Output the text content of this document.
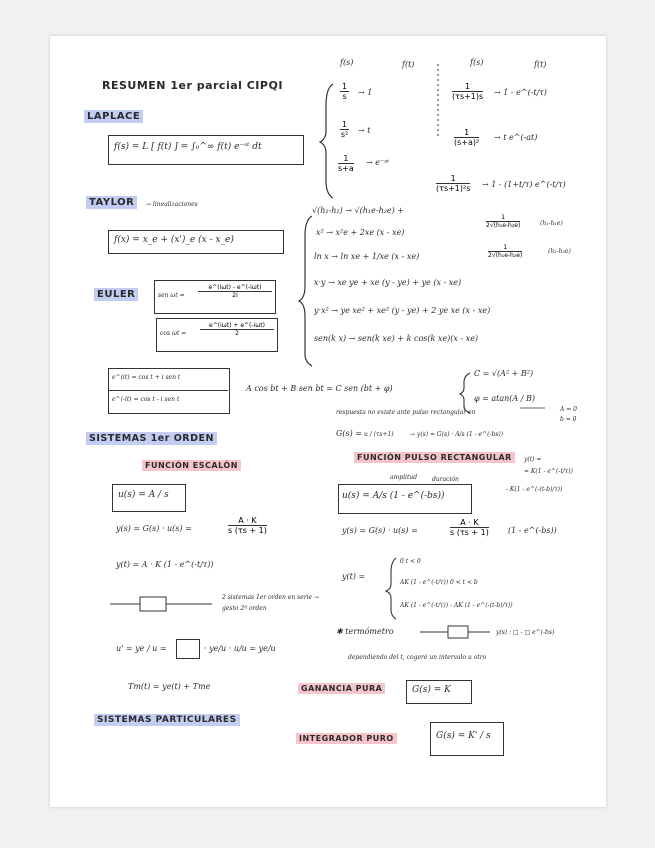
RESUMEN 1er parcial CIPQI
LAPLACE
f(s) = L [ f(t) ] = ∫₀^∞ f(t) e⁻ˢᵗ dt
f(s)	f(t)	f(s)	f(t)
$\frac{1}{s} \to 1$
$\frac{1}{\text{s²}} \to t$
$\frac{1}{s+a}$ → e⁻ᵃᵗ
$\frac{1}{(\tau s+1)s} \to 1$ - e^(-t/τ)
$\frac{1}{\text{(s+a)²}} \to t$ e^(-at)
$\frac{1}{\text{(τs+1)²s}} \to 1 - (1+t/\tau)$ e^(-t/τ)
TAYLOR	→ linealizaciones
f(x) = x_e + (x')_e (x - x_e)
√(h₁-h₂) → √(h₁e-h₂e) +
$\frac{1}{\text{2√(h₁e-h₂e)}}$	(h₁-h₁e)
$\frac{1}{\text{2√(h₁e-h₂e)}}$	(h₂-h₂e)
x² → x²e + 2xe (x - xe)
ln x → ln xe + 1/xe (x - xe)
x·y → xe ye + xe (y - ye) + ye (x - xe)
y·x² → ye xe² + xe² (y - ye) + 2 ye xe (x - xe)
sen(k x) → sen(k xe) + k cos(k xe)(x - xe)
EULER	sen ωt =
e^(iωt) - e^(-iωt)
2i
cos ωt =
e^(iωt) + e^(-iωt)
2
e^(it) = cos t + i sen t
e^(-it) = cos t - i sen t
A cos bt + B sen bt = C sen (bt + φ)
C = √(A² + B²)
φ = atan(A / B)
respuesta no existe ante pulso rectangular en	A = 0
b = 0
SISTEMAS 1er ORDEN
FUNCIÓN ESCALÓN
u(s) = A / s
y(s) = G(s) · u(s) =	$\frac{A \cdot K}{s (\tau s + 1)}$
y(t) = A · K (1 - e^(-t/τ))
2 sistemas 1er orden en serie → gesto 2º orden
u' = ye / u =	· ye/u · u/u = ye/u
Tm(t) = ye(t) + Tme
G(s) = u / (τs+1)	→ y(s) = G(s) · A/s (1 - e^(-bs))
FUNCIÓN PULSO RECTANGULAR	y(t) =
= K(1 - e^(-t/τ))
- K(1 - e^(-(t-b)/τ))
amplitud duración
u(s) = A/s (1 - e^(-bs))
y(s) = G(s) · u(s) =	$\frac{A \cdot K}{s (\tau s + 1)} (1$ - e^(-bs))
y(t) =
0 t < 0
AK (1 - e^(-t/τ)) 0 < t < b
AK (1 - e^(-t/τ)) - AK (1 - e^(-(t-b)/τ))
✱ termómetro	y(s) : □ - □ e^(-bs)
dependiendo del t, cogeré un intervalo u otro
GANANCIA PURA	G(s) = K
SISTEMAS PARTICULARES
INTEGRADOR PURO	G(s) = K' / s
